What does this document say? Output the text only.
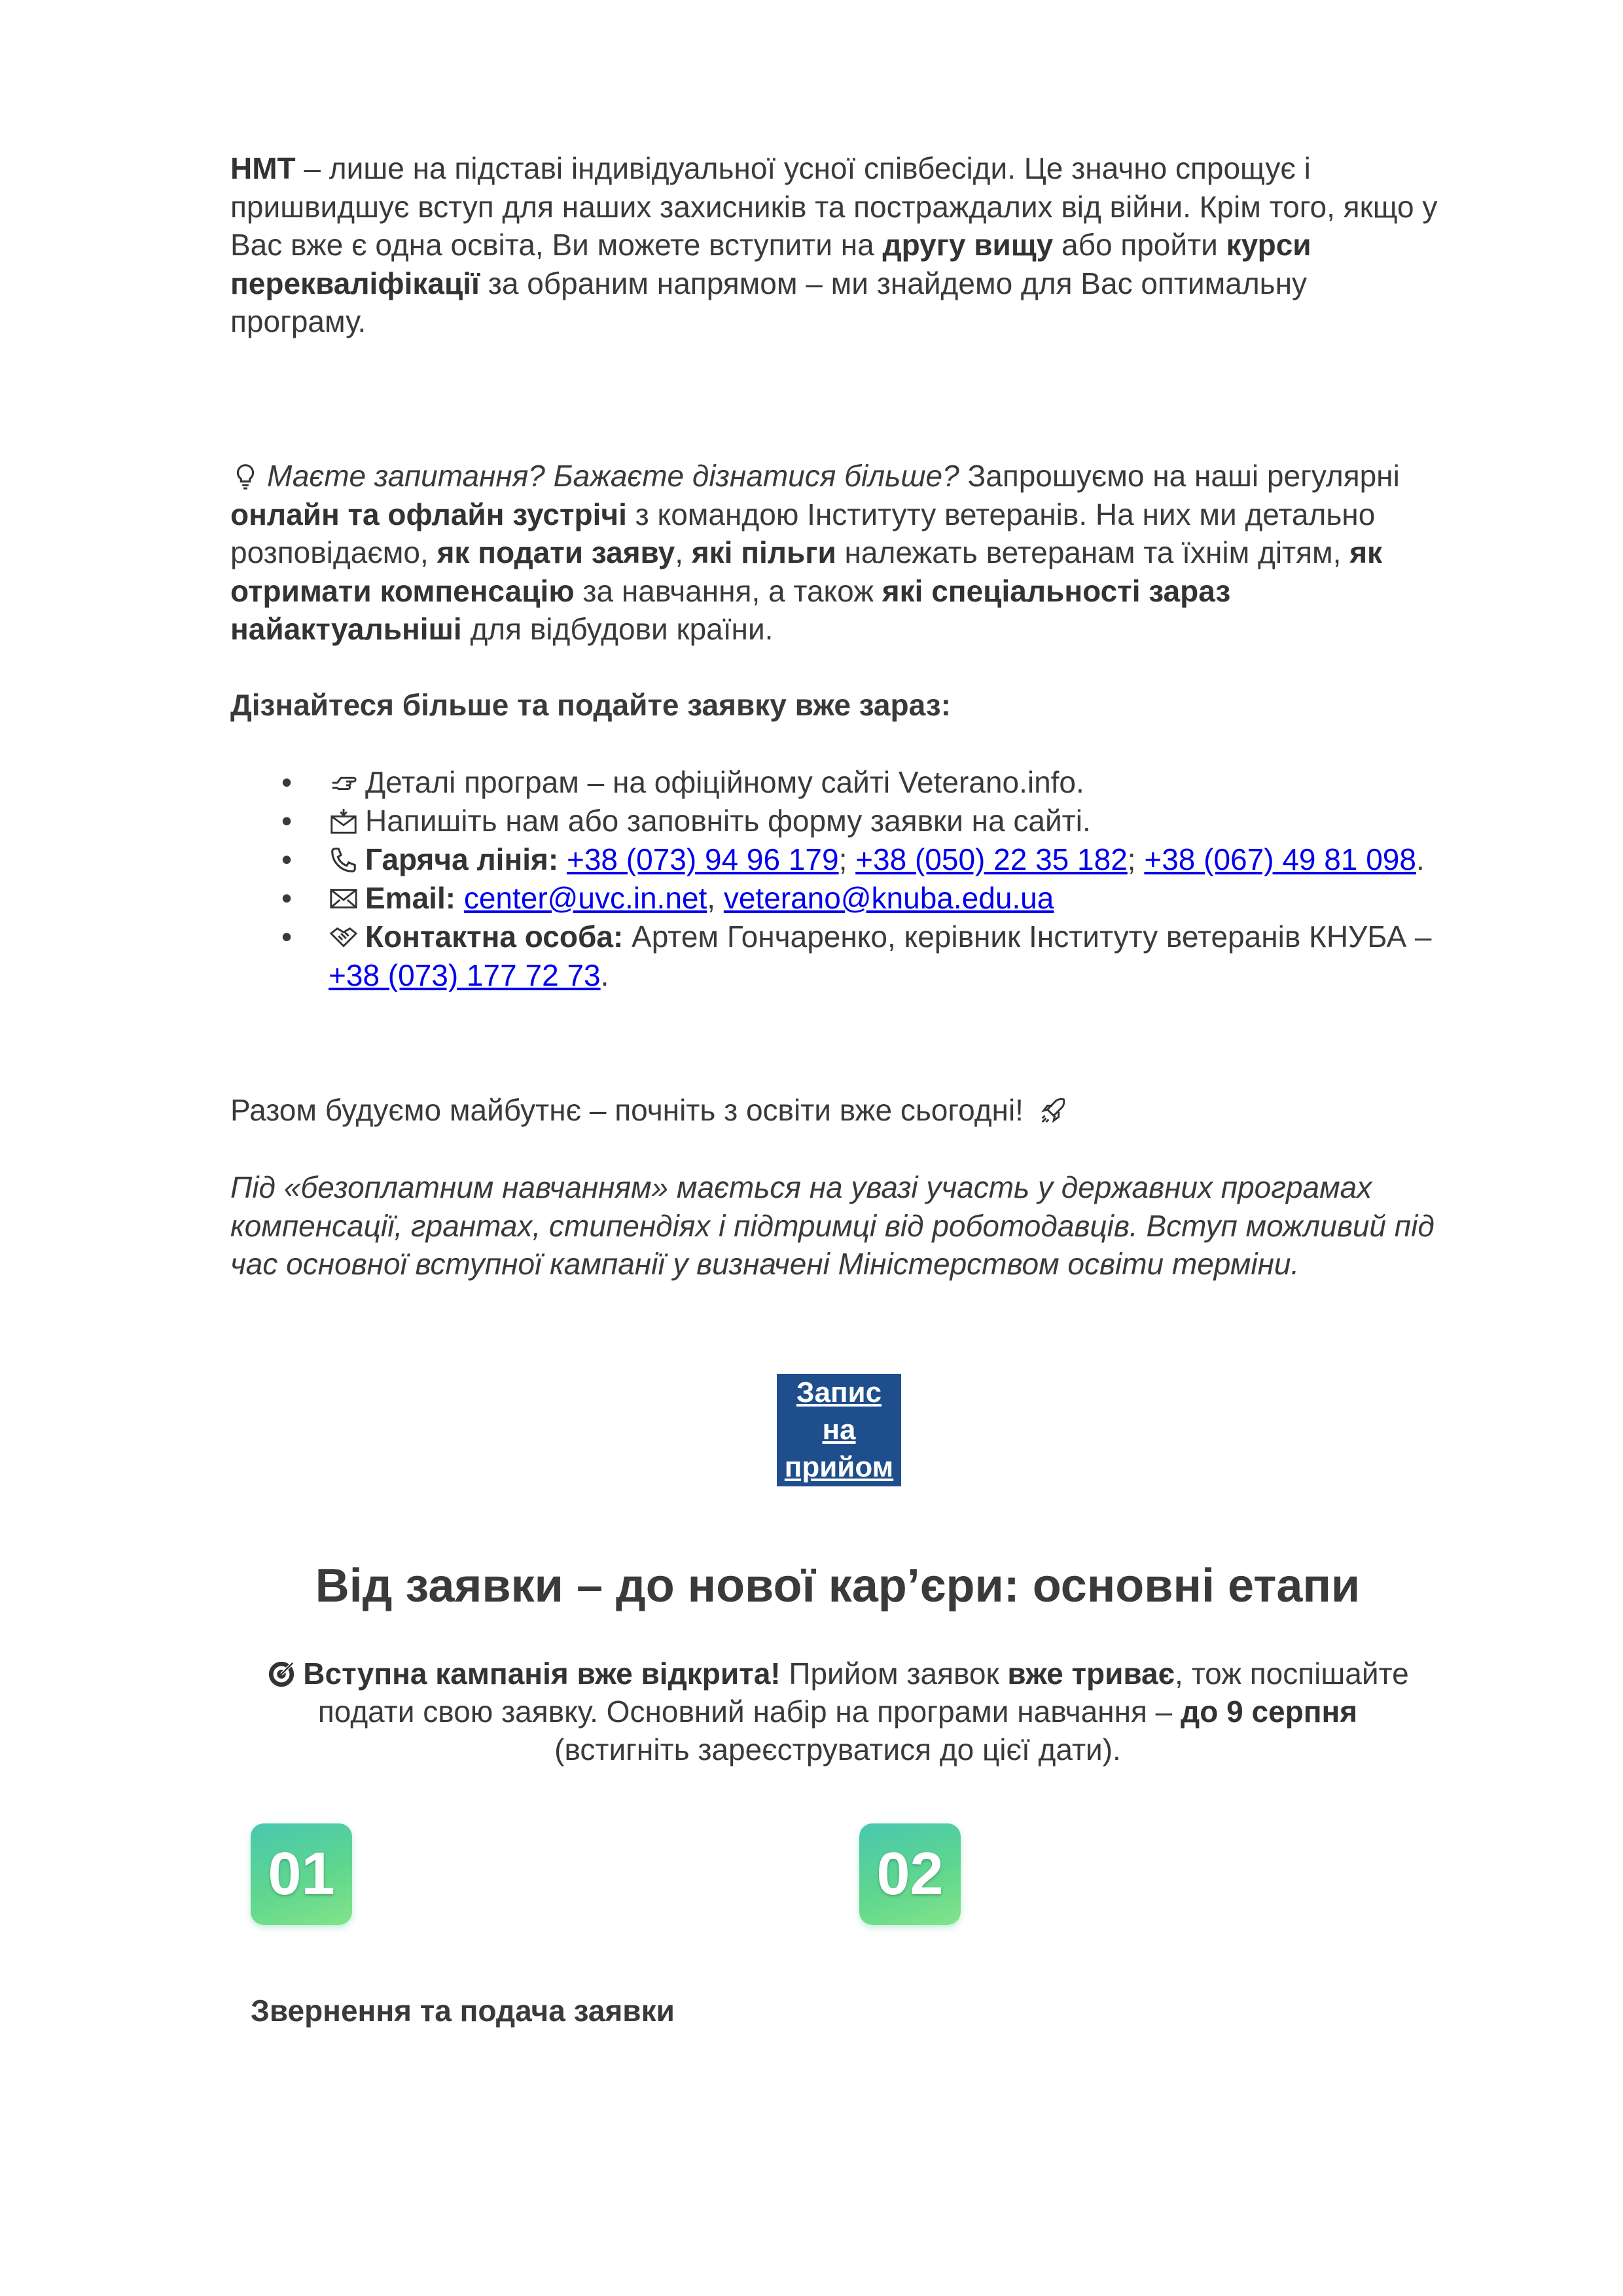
НМТ – лише на підставі індивідуальної усної співбесіди. Це значно спрощує і пришвидшує вступ для наших захисників та постраждалих від війни. Крім того, якщо у Вас вже є одна освіта, Ви можете вступити на другу вищу або пройти курси перекваліфікації за обраним напрямом – ми знайдемо для Вас оптимальну програму.
Маєте запитання? Бажаєте дізнатися більше? Запрошуємо на наші регулярні онлайн та офлайн зустрічі з командою Інституту ветеранів. На них ми детально розповідаємо, як подати заяву, які пільги належать ветеранам та їхнім дітям, як отримати компенсацію за навчання, а також які спеціальності зараз найактуальніші для відбудови країни.
Дізнайтеся більше та подайте заявку вже зараз:
• Деталі програм – на офіційному сайті Veterano.info.
• Напишіть нам або заповніть форму заявки на сайті.
• Гаряча лінія: +38 (073) 94 96 179; +38 (050) 22 35 182; +38 (067) 49 81 098.
• Email: center@uvc.in.net, veterano@knuba.edu.ua
• Контактна особа: Артем Гончаренко, керівник Інституту ветеранів КНУБА – +38 (073) 177 72 73.
Разом будуємо майбутнє – почніть з освіти вже сьогодні!
Під «безоплатним навчанням» мається на увазі участь у державних програмах компенсації, грантах, стипендіях і підтримці від роботодавців. Вступ можливий під час основної вступної кампанії у визначені Міністерством освіти терміни.
Запис
на
прийом
Від заявки – до нової кар’єри: основні етапи
Вступна кампанія вже відкрита! Прийом заявок вже триває, тож поспішайте подати свою заявку. Основний набір на програми навчання – до 9 серпня (встигніть зареєструватися до цієї дати).
01	02
Звернення та подача заявки
